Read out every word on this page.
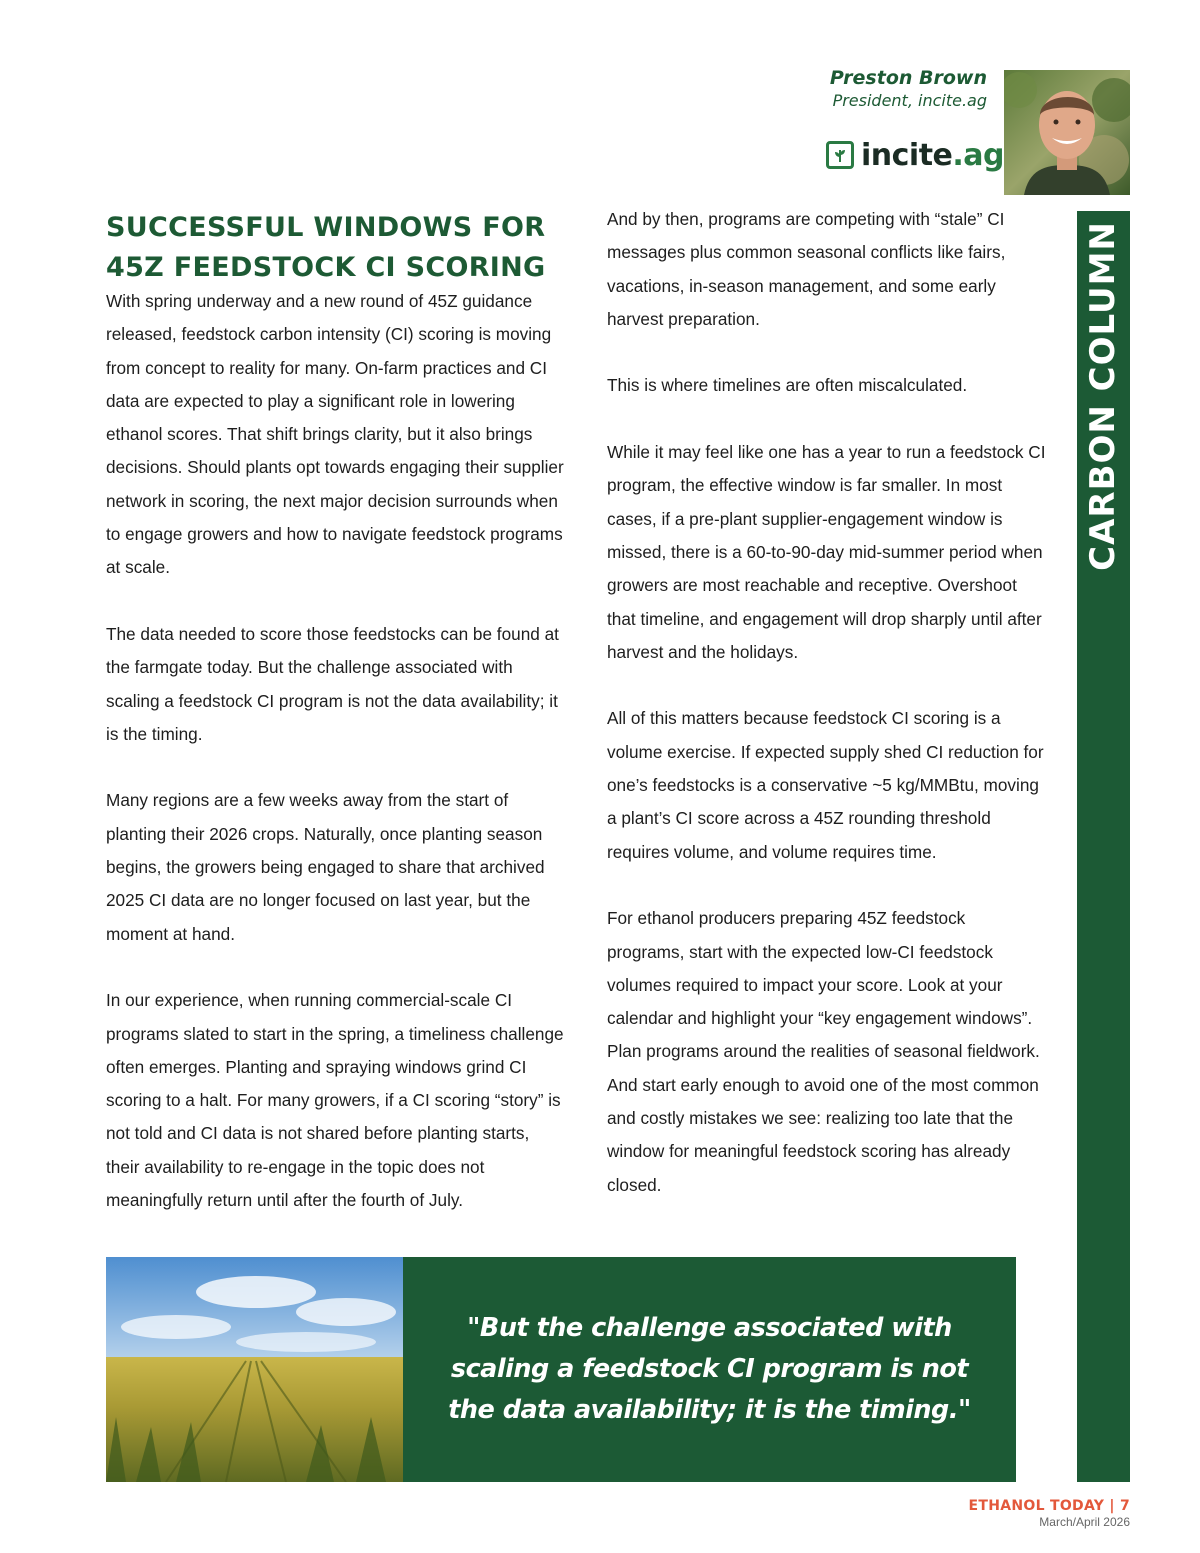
Preston Brown
President, incite.ag
incite.ag
CARBON COLUMN
SUCCESSFUL WINDOWS FOR
45Z FEEDSTOCK CI SCORING

With spring underway and a new round of 45Z guidance released, feedstock carbon intensity (CI) scoring is moving from concept to reality for many. On-farm practices and CI data are expected to play a significant role in lowering ethanol scores. That shift brings clarity, but it also brings decisions. Should plants opt towards engaging their supplier network in scoring, the next major decision surrounds when to engage growers and how to navigate feedstock programs at scale.

The data needed to score those feedstocks can be found at the farmgate today. But the challenge associated with scaling a feedstock CI program is not the data availability; it is the timing.

Many regions are a few weeks away from the start of planting their 2026 crops. Naturally, once planting season begins, the growers being engaged to share that archived 2025 CI data are no longer focused on last year, but the moment at hand.

In our experience, when running commercial-scale CI programs slated to start in the spring, a timeliness challenge often emerges. Planting and spraying windows grind CI scoring to a halt. For many growers, if a CI scoring “story” is not told and CI data is not shared before planting starts, their availability to re-engage in the topic does not meaningfully return until after the fourth of July.

And by then, programs are competing with “stale” CI messages plus common seasonal conflicts like fairs, vacations, in-season management, and some early harvest preparation.

This is where timelines are often miscalculated.

While it may feel like one has a year to run a feedstock CI program, the effective window is far smaller. In most cases, if a pre-plant supplier-engagement window is missed, there is a 60-to-90-day mid-summer period when growers are most reachable and receptive. Overshoot that timeline, and engagement will drop sharply until after harvest and the holidays.

All of this matters because feedstock CI scoring is a volume exercise. If expected supply shed CI reduction for one’s feedstocks is a conservative ~5 kg/MMBtu, moving a plant’s CI score across a 45Z rounding threshold requires volume, and volume requires time.

For ethanol producers preparing 45Z feedstock programs, start with the expected low-CI feedstock volumes required to impact your score. Look at your calendar and highlight your “key engagement windows”. Plan programs around the realities of seasonal fieldwork. And start early enough to avoid one of the most common and costly mistakes we see: realizing too late that the window for meaningful feedstock scoring has already closed.

"But the challenge associated with scaling a feedstock CI program is not the data availability; it is the timing."
ETHANOL TODAY | 7
March/April 2026
